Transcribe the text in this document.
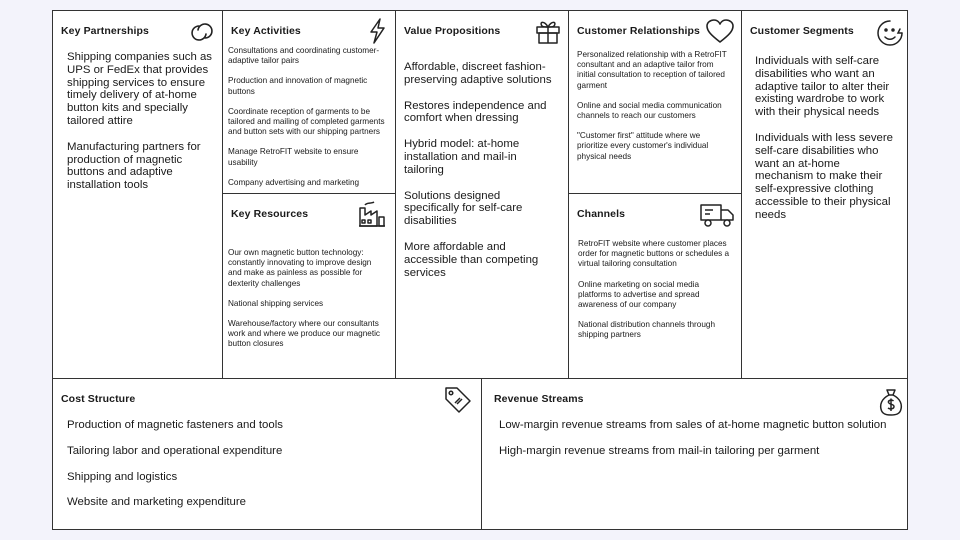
Key Partnerships

Shipping companies such as UPS or FedEx that provides shipping services to ensure timely delivery of at-home button kits and specially tailored attire

Manufacturing partners for production of magnetic buttons and adaptive installation tools

Key Activities

Consultations and coordinating customer-adaptive tailor pairs

Production and innovation of magnetic buttons

Coordinate reception of garments to be tailored and mailing of completed garments and button sets with our shipping partners

Manage RetroFIT website to ensure usability

Company advertising and marketing

Key Resources

Our own magnetic button technology: constantly innovating to improve design and make as painless as possible for dexterity challenges

National shipping services

Warehouse/factory where our consultants work and where we produce our magnetic button closures

Value Propositions

Affordable, discreet fashion-preserving adaptive solutions

Restores independence and comfort when dressing

Hybrid model: at-home installation and mail-in tailoring

Solutions designed specifically for self-care disabilities

More affordable and accessible than competing services

Customer Relationships

Personalized relationship with a RetroFIT consultant and an adaptive tailor from initial consultation to reception of tailored garment

Online and social media communication channels to reach our customers

"Customer first" attitude where we prioritize every customer's individual physical needs

Channels

RetroFIT website where customer places order for magnetic buttons or schedules a virtual tailoring consultation

Online marketing on social media platforms to advertise and spread awareness of our company

National distribution channels through shipping partners

Customer Segments

Individuals with self-care disabilities who want an adaptive tailor to alter their existing wardrobe to work with their physical needs

Individuals with less severe self-care disabilities who want an at-home mechanism to make their self-expressive clothing accessible to their physical needs

Cost Structure

Production of magnetic fasteners and tools

Tailoring labor and operational expenditure

Shipping and logistics

Website and marketing expenditure

Revenue Streams

Low-margin revenue streams from sales of at-home magnetic button solution

High-margin revenue streams from mail-in tailoring per garment
